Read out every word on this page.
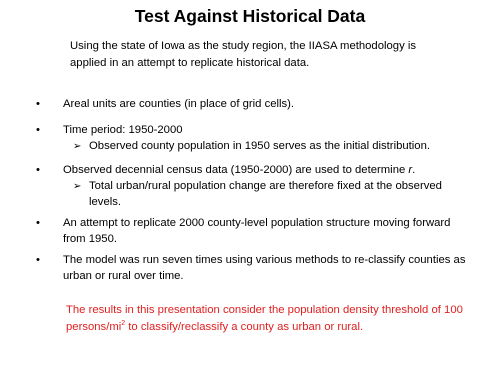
Test Against Historical Data
Using the state of Iowa as the study region, the IIASA methodology is applied in an attempt to replicate historical data.
• Areal units are counties (in place of grid cells).
• Time period: 1950-2000
➢ Observed county population in 1950 serves as the initial distribution.
• Observed decennial census data (1950-2000) are used to determine r.
➢ Total urban/rural population change are therefore fixed at the observed levels.
• An attempt to replicate 2000 county-level population structure moving forward from 1950.
• The model was run seven times using various methods to re-classify counties as urban or rural over time.
The results in this presentation consider the population density threshold of 100 persons/$mi^2$ to classify/reclassify a county as urban or rural.
